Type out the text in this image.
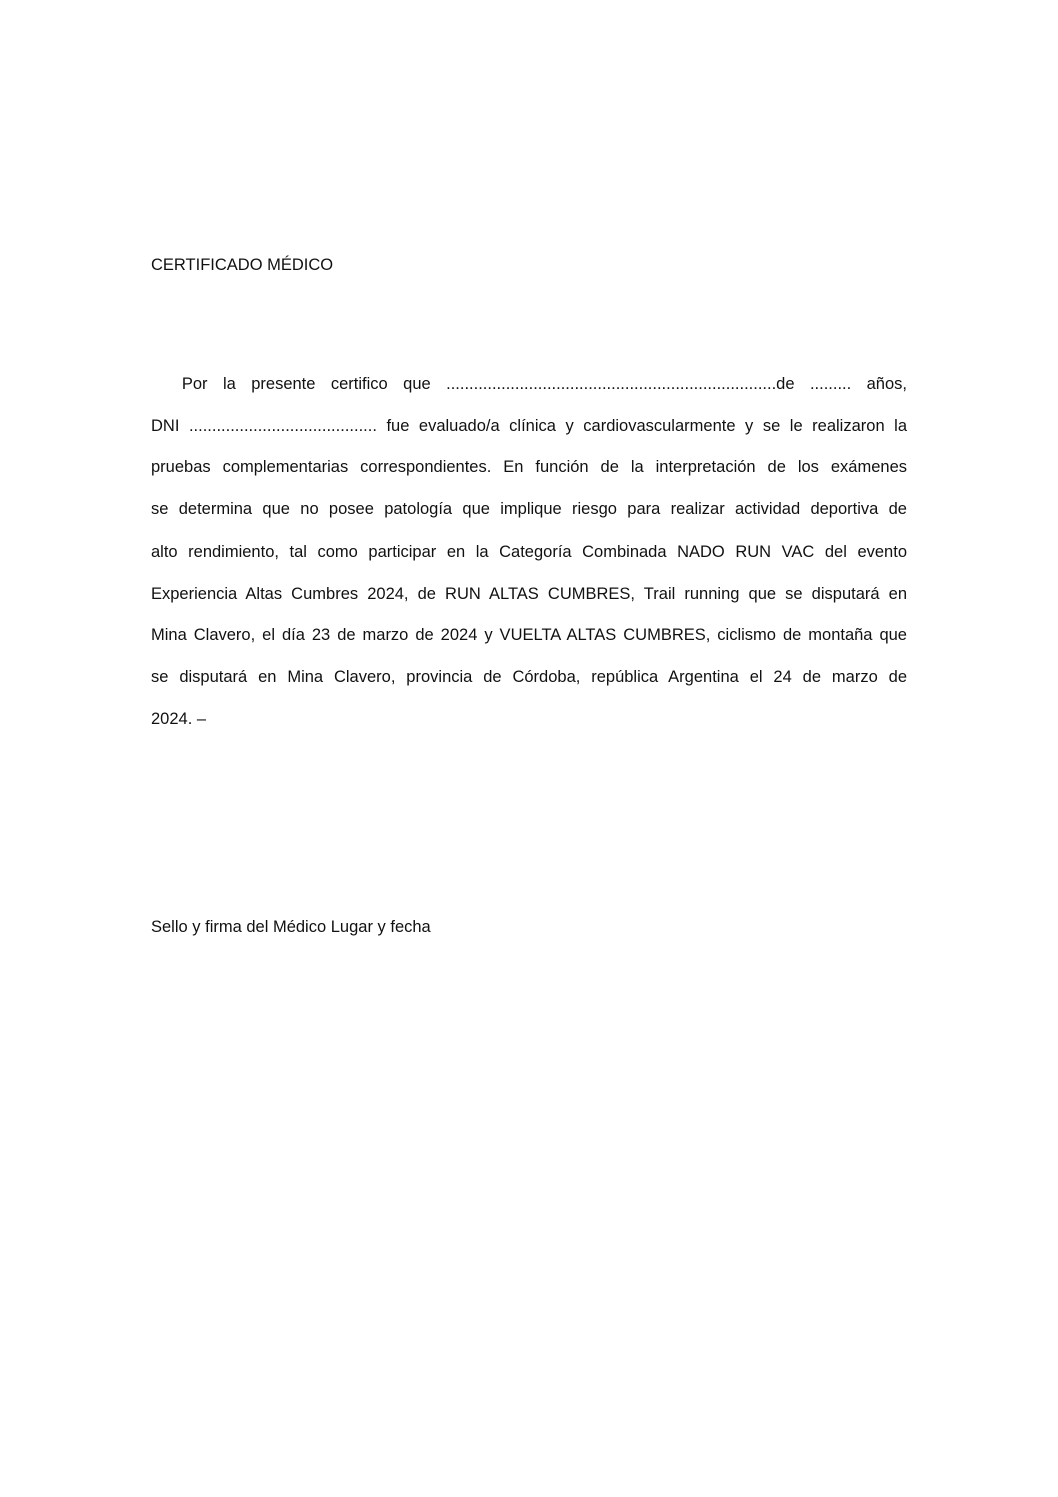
CERTIFICADO MÉDICO
Por la presente certifico que ........................................................................de ......... años,
DNI ......................................... fue evaluado/a clínica y cardiovascularmente y se le realizaron la
pruebas complementarias correspondientes. En función de la interpretación de los exámenes
se determina que no posee patología que implique riesgo para realizar actividad deportiva de
alto rendimiento, tal como participar en la Categoría Combinada NADO RUN VAC del evento
Experiencia Altas Cumbres 2024, de RUN ALTAS CUMBRES, Trail running que se disputará en
Mina Clavero, el día 23 de marzo de 2024 y VUELTA ALTAS CUMBRES, ciclismo de montaña que
se disputará en Mina Clavero, provincia de Córdoba, república Argentina el 24 de marzo de
2024. –
Sello y firma del Médico Lugar y fecha
